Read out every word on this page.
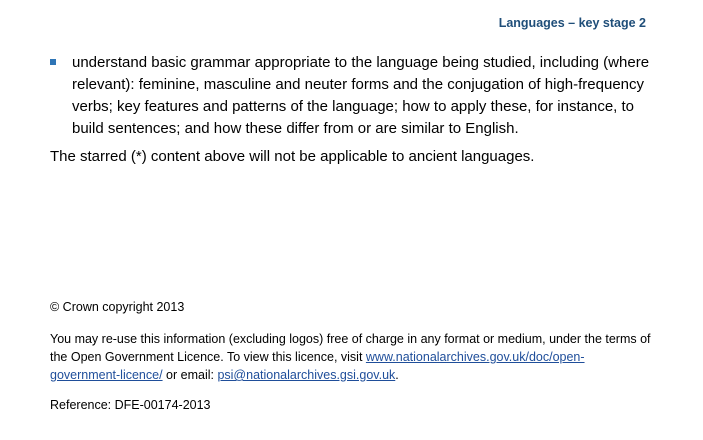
Languages – key stage 2
understand basic grammar appropriate to the language being studied, including (where relevant): feminine, masculine and neuter forms and the conjugation of high-frequency verbs; key features and patterns of the language; how to apply these, for instance, to build sentences; and how these differ from or are similar to English.
The starred (*) content above will not be applicable to ancient languages.
© Crown copyright 2013
You may re-use this information (excluding logos) free of charge in any format or medium, under the terms of the Open Government Licence. To view this licence, visit www.nationalarchives.gov.uk/doc/open-
government-licence/ or email: psi@nationalarchives.gsi.gov.uk.
Reference: DFE-00174-2013
